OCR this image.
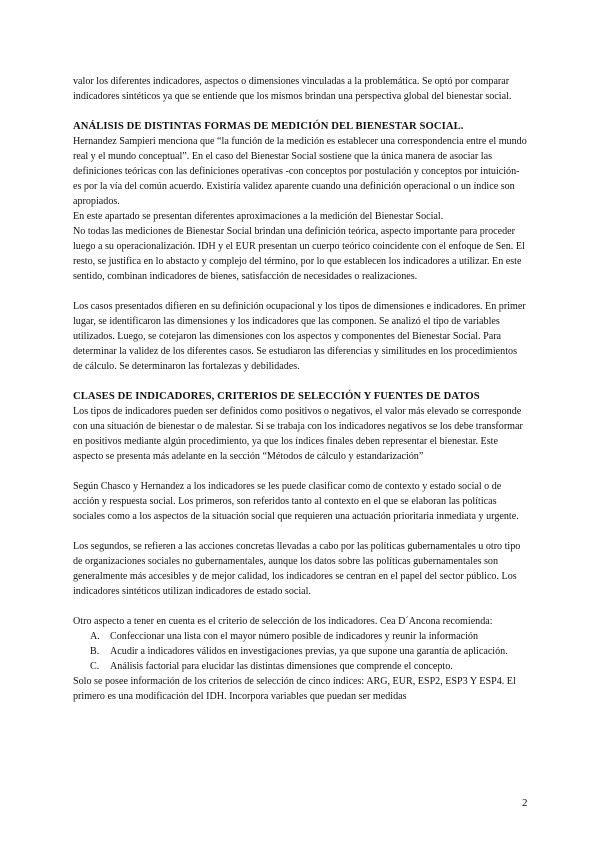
valor los diferentes indicadores, aspectos o dimensiones vinculadas a la problemática. Se optó por comparar indicadores sintéticos ya que se entiende que los mismos brindan una perspectiva global del bienestar social.

ANÁLISIS DE DISTINTAS FORMAS DE MEDICIÓN DEL BIENESTAR SOCIAL.

Hernandez Sampieri menciona que “la función de la medición es establecer una correspondencia entre el mundo real y el mundo conceptual”. En el caso del Bienestar Social sostiene que la única manera de asociar las definiciones teóricas con las definiciones operativas -con conceptos por postulación y conceptos por intuición- es por la vía del común acuerdo. Existiría validez aparente cuando una definición operacional o un índice son apropiados.

En este apartado se presentan diferentes aproximaciones a la medición del Bienestar Social.

No todas las mediciones de Bienestar Social brindan una definición teórica, aspecto importante para proceder luego a su operacionalización. IDH y el EUR presentan un cuerpo teórico coincidente con el enfoque de Sen. El resto, se justifica en lo abstacto y complejo del término, por lo que establecen los indicadores a utilizar. En este sentido, combinan indicadores de bienes, satisfacción de necesidades o realizaciones.

Los casos presentados difieren en su definición ocupacional y los tipos de dimensiones e indicadores. En primer lugar, se identificaron las dimensiones y los indicadores que las componen. Se analizó el tipo de variables utilizados. Luego, se cotejaron las dimensiones con los aspectos y componentes del Bienestar Social. Para determinar la validez de los diferentes casos. Se estudiaron las diferencias y similitudes en los procedimientos de cálculo. Se determinaron las fortalezas y debilidades.

CLASES DE INDICADORES, CRITERIOS DE SELECCIÓN Y FUENTES DE DATOS

Los tipos de indicadores pueden ser definidos como positivos o negativos, el valor más elevado se corresponde con una situación de bienestar o de malestar. Si se trabaja con los indicadores negativos se los debe transformar en positivos mediante algún procedimiento, ya que los índices finales deben representar el bienestar. Este aspecto se presenta más adelante en la sección “Métodos de cálculo y estandarización”

Según Chasco y Hernandez a los indicadores se les puede clasificar como de contexto y estado social o de acción y respuesta social. Los primeros, son referidos tanto al contexto en el que se elaboran las políticas sociales como a los aspectos de la situación social que requieren una actuación prioritaria inmediata y urgente.

Los segundos, se refieren a las acciones concretas llevadas a cabo por las políticas gubernamentales u otro tipo de organizaciones sociales no gubernamentales, aunque los datos sobre las políticas gubernamentales son generalmente más accesibles y de mejor calidad, los indicadores se centran en el papel del sector público. Los indicadores sintéticos utilizan indicadores de estado social.

Otro aspecto a tener en cuenta es el criterio de selección de los indicadores. Cea D´Ancona recomienda:

A. Confeccionar una lista con el mayor número posible de indicadores y reunir la información
B. Acudir a indicadores válidos en investigaciones previas, ya que supone una garantía de aplicación.
C. Análisis factorial para elucidar las distintas dimensiones que comprende el concepto.

Solo se posee información de los criterios de selección de cinco índices: ARG, EUR, ESP2, ESP3 Y ESP4. El primero es una modificación del IDH. Incorpora variables que puedan ser medidas

2
